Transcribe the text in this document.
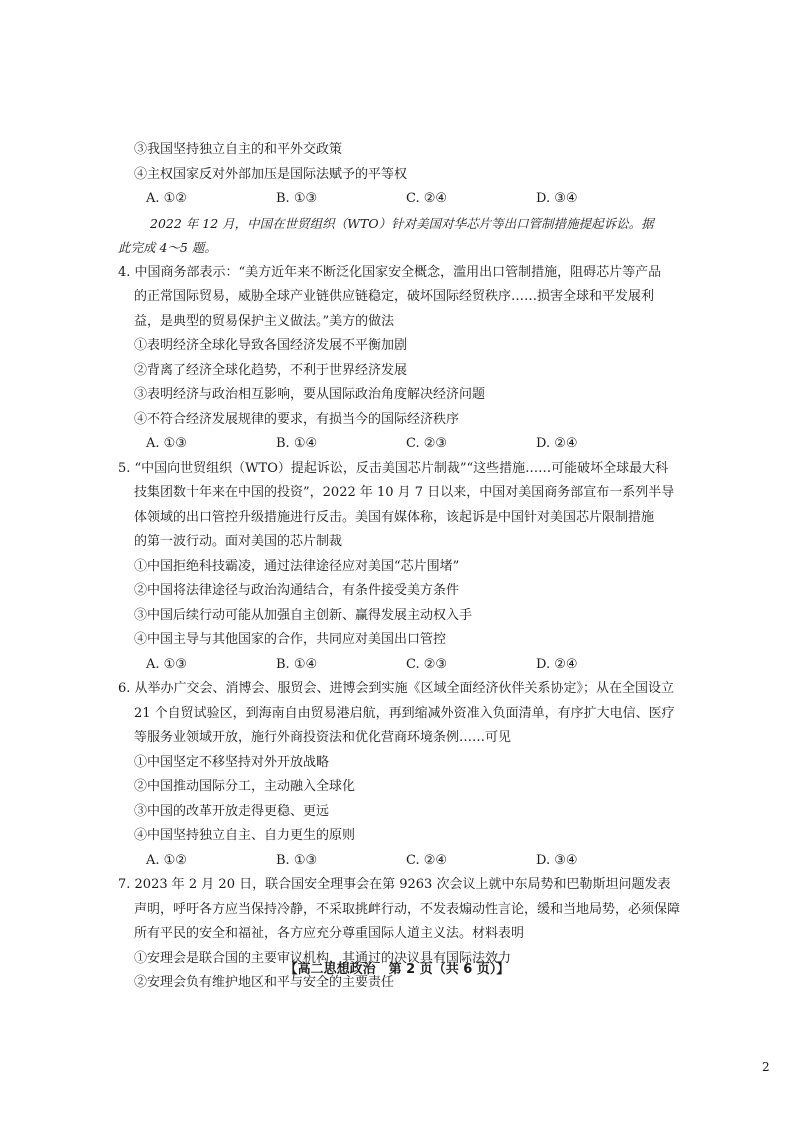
③我国坚持独立自主的和平外交政策
④主权国家反对外部加压是国际法赋予的平等权
A. ①②	B. ①③	C. ②④	D. ③④
2022 年 12 月，中国在世贸组织（WTO）针对美国对华芯片等出口管制措施提起诉讼。据
此完成 4～5 题。
4. 中国商务部表示：“美方近年来不断泛化国家安全概念，滥用出口管制措施，阻碍芯片等产品
的正常国际贸易，威胁全球产业链供应链稳定，破坏国际经贸秩序……损害全球和平发展利
益，是典型的贸易保护主义做法。”美方的做法
①表明经济全球化导致各国经济发展不平衡加剧
②背离了经济全球化趋势，不利于世界经济发展
③表明经济与政治相互影响，要从国际政治角度解决经济问题
④不符合经济发展规律的要求，有损当今的国际经济秩序
A. ①③	B. ①④	C. ②③	D. ②④
5. “中国向世贸组织（WTO）提起诉讼，反击美国芯片制裁”“这些措施……可能破坏全球最大科
技集团数十年来在中国的投资”，2022 年 10 月 7 日以来，中国对美国商务部宣布一系列半导
体领域的出口管控升级措施进行反击。美国有媒体称，该起诉是中国针对美国芯片限制措施
的第一波行动。面对美国的芯片制裁
①中国拒绝科技霸凌，通过法律途径应对美国“芯片围堵”
②中国将法律途径与政治沟通结合，有条件接受美方条件
③中国后续行动可能从加强自主创新、赢得发展主动权入手
④中国主导与其他国家的合作，共同应对美国出口管控
A. ①③	B. ①④	C. ②③	D. ②④
6. 从举办广交会、消博会、服贸会、进博会到实施《区域全面经济伙伴关系协定》；从在全国设立
21 个自贸试验区，到海南自由贸易港启航，再到缩减外资准入负面清单，有序扩大电信、医疗
等服务业领域开放，施行外商投资法和优化营商环境条例……可见
①中国坚定不移坚持对外开放战略
②中国推动国际分工，主动融入全球化
③中国的改革开放走得更稳、更远
④中国坚持独立自主、自力更生的原则
A. ①②	B. ①③	C. ②④	D. ③④
7. 2023 年 2 月 20 日，联合国安全理事会在第 9263 次会议上就中东局势和巴勒斯坦问题发表
声明，呼吁各方应当保持冷静，不采取挑衅行动，不发表煽动性言论，缓和当地局势，必须保障
所有平民的安全和福祉，各方应充分尊重国际人道主义法。材料表明
①安理会是联合国的主要审议机构，其通过的决议具有国际法效力
②安理会负有维护地区和平与安全的主要责任
【高二思想政治　第 2 页（共 6 页）】
2
